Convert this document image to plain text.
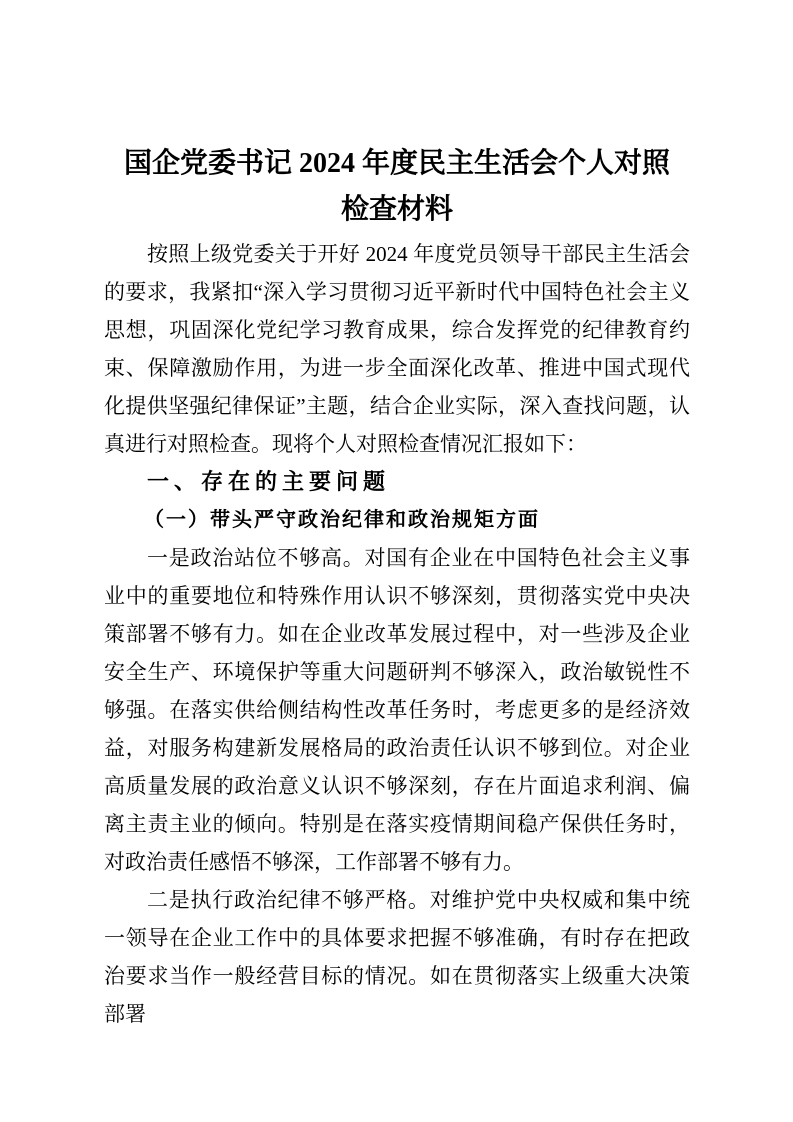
国企党委书记 2024 年度民主生活会个人对照
检查材料

按照上级党委关于开好 2024 年度党员领导干部民主生活会的要求，我紧扣“深入学习贯彻习近平新时代中国特色社会主义思想，巩固深化党纪学习教育成果，综合发挥党的纪律教育约束、保障激励作用，为进一步全面深化改革、推进中国式现代化提供坚强纪律保证”主题，结合企业实际，深入查找问题，认真进行对照检查。现将个人对照检查情况汇报如下：

一、存在的主要问题
（一）带头严守政治纪律和政治规矩方面

一是政治站位不够高。对国有企业在中国特色社会主义事业中的重要地位和特殊作用认识不够深刻，贯彻落实党中央决策部署不够有力。如在企业改革发展过程中，对一些涉及企业安全生产、环境保护等重大问题研判不够深入，政治敏锐性不够强。在落实供给侧结构性改革任务时，考虑更多的是经济效益，对服务构建新发展格局的政治责任认识不够到位。对企业高质量发展的政治意义认识不够深刻，存在片面追求利润、偏离主责主业的倾向。特别是在落实疫情期间稳产保供任务时，对政治责任感悟不够深，工作部署不够有力。

二是执行政治纪律不够严格。对维护党中央权威和集中统一领导在企业工作中的具体要求把握不够准确，有时存在把政治要求当作一般经营目标的情况。如在贯彻落实上级重大决策部署
